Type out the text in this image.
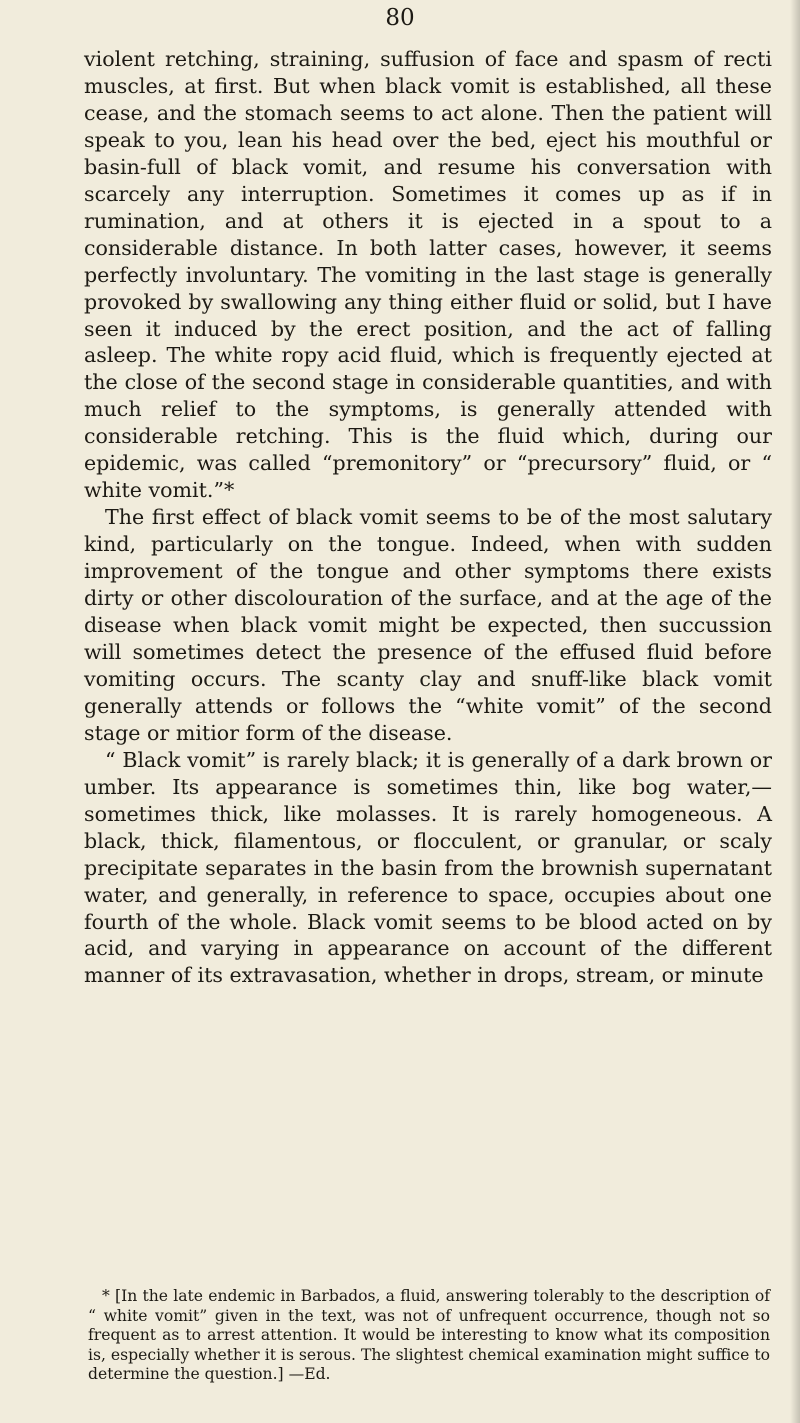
80

violent retching, straining, suffusion of face and spasm of recti muscles, at first. But when black vomit is established, all these cease, and the stomach seems to act alone. Then the patient will speak to you, lean his head over the bed, eject his mouthful or basin-full of black vomit, and resume his conversation with scarcely any interruption. Sometimes it comes up as if in rumination, and at others it is ejected in a spout to a considerable distance. In both latter cases, however, it seems perfectly involuntary. The vomiting in the last stage is generally provoked by swallowing any thing either fluid or solid, but I have seen it induced by the erect position, and the act of falling asleep. The white ropy acid fluid, which is frequently ejected at the close of the second stage in considerable quantities, and with much relief to the symptoms, is generally attended with considerable retching. This is the fluid which, during our epidemic, was called “premonitory” or “precursory” fluid, or “ white vomit.”*

The first effect of black vomit seems to be of the most salutary kind, particularly on the tongue. Indeed, when with sudden improvement of the tongue and other symptoms there exists dirty or other discolouration of the surface, and at the age of the disease when black vomit might be expected, then succussion will sometimes detect the presence of the effused fluid before vomiting occurs. The scanty clay and snuff-like black vomit generally attends or follows the “white vomit” of the second stage or mitior form of the disease.

“ Black vomit” is rarely black; it is generally of a dark brown or umber. Its appearance is sometimes thin, like bog water,— sometimes thick, like molasses. It is rarely homogeneous. A black, thick, filamentous, or flocculent, or granular, or scaly precipitate separates in the basin from the brownish supernatant water, and generally, in reference to space, occupies about one fourth of the whole. Black vomit seems to be blood acted on by acid, and varying in appearance on account of the different manner of its extravasation, whether in drops, stream, or minute

* [In the late endemic in Barbados, a fluid, answering tolerably to the description of “ white vomit” given in the text, was not of unfrequent occurrence, though not so frequent as to arrest attention. It would be interesting to know what its composition is, especially whether it is serous. The slightest chemical examination might suffice to determine the question.] —Ed.
